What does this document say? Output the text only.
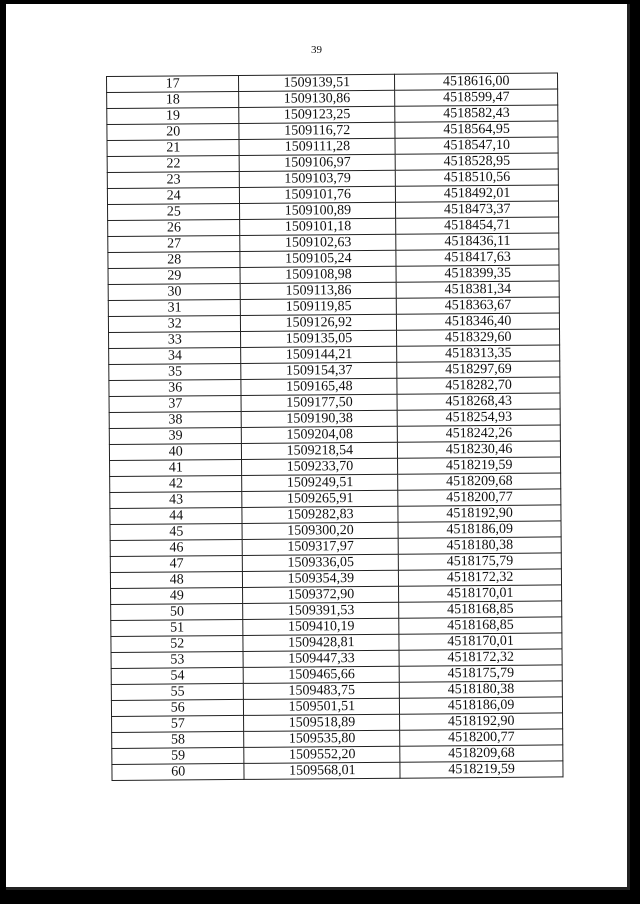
39
17	1509139,51	4518616,00
18	1509130,86	4518599,47
19	1509123,25	4518582,43
20	1509116,72	4518564,95
21	1509111,28	4518547,10
22	1509106,97	4518528,95
23	1509103,79	4518510,56
24	1509101,76	4518492,01
25	1509100,89	4518473,37
26	1509101,18	4518454,71
27	1509102,63	4518436,11
28	1509105,24	4518417,63
29	1509108,98	4518399,35
30	1509113,86	4518381,34
31	1509119,85	4518363,67
32	1509126,92	4518346,40
33	1509135,05	4518329,60
34	1509144,21	4518313,35
35	1509154,37	4518297,69
36	1509165,48	4518282,70
37	1509177,50	4518268,43
38	1509190,38	4518254,93
39	1509204,08	4518242,26
40	1509218,54	4518230,46
41	1509233,70	4518219,59
42	1509249,51	4518209,68
43	1509265,91	4518200,77
44	1509282,83	4518192,90
45	1509300,20	4518186,09
46	1509317,97	4518180,38
47	1509336,05	4518175,79
48	1509354,39	4518172,32
49	1509372,90	4518170,01
50	1509391,53	4518168,85
51	1509410,19	4518168,85
52	1509428,81	4518170,01
53	1509447,33	4518172,32
54	1509465,66	4518175,79
55	1509483,75	4518180,38
56	1509501,51	4518186,09
57	1509518,89	4518192,90
58	1509535,80	4518200,77
59	1509552,20	4518209,68
60	1509568,01	4518219,59
